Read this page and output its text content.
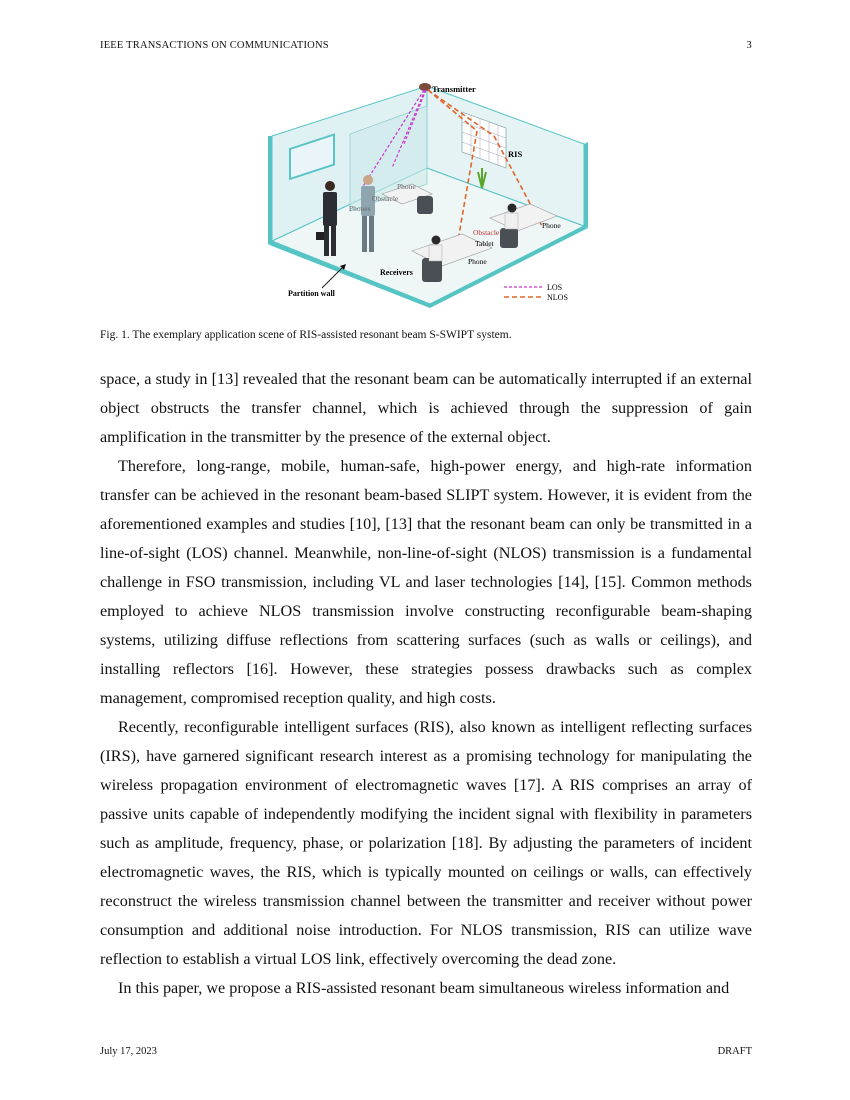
IEEE TRANSACTIONS ON COMMUNICATIONS	3
Transmitter
RIS
Phone
Obstacle
Phones
Obstacle
Tablet
Phone
Phone
Receivers
Partition wall
LOS
NLOS
Fig. 1. The exemplary application scene of RIS-assisted resonant beam S-SWIPT system.

space, a study in [13] revealed that the resonant beam can be automatically interrupted if an external object obstructs the transfer channel, which is achieved through the suppression of gain amplification in the transmitter by the presence of the external object.

Therefore, long-range, mobile, human-safe, high-power energy, and high-rate information transfer can be achieved in the resonant beam-based SLIPT system. However, it is evident from the aforementioned examples and studies [10], [13] that the resonant beam can only be transmitted in a line-of-sight (LOS) channel. Meanwhile, non-line-of-sight (NLOS) transmission is a fundamental challenge in FSO transmission, including VL and laser technologies [14], [15]. Common methods employed to achieve NLOS transmission involve constructing reconfigurable beam-shaping systems, utilizing diffuse reflections from scattering surfaces (such as walls or ceilings), and installing reflectors [16]. However, these strategies possess drawbacks such as complex management, compromised reception quality, and high costs.

Recently, reconfigurable intelligent surfaces (RIS), also known as intelligent reflecting surfaces (IRS), have garnered significant research interest as a promising technology for manipulating the wireless propagation environment of electromagnetic waves [17]. A RIS comprises an array of passive units capable of independently modifying the incident signal with flexibility in parameters such as amplitude, frequency, phase, or polarization [18]. By adjusting the parameters of incident electromagnetic waves, the RIS, which is typically mounted on ceilings or walls, can effectively reconstruct the wireless transmission channel between the transmitter and receiver without power consumption and additional noise introduction. For NLOS transmission, RIS can utilize wave reflection to establish a virtual LOS link, effectively overcoming the dead zone.

In this paper, we propose a RIS-assisted resonant beam simultaneous wireless information and

July 17, 2023	DRAFT
